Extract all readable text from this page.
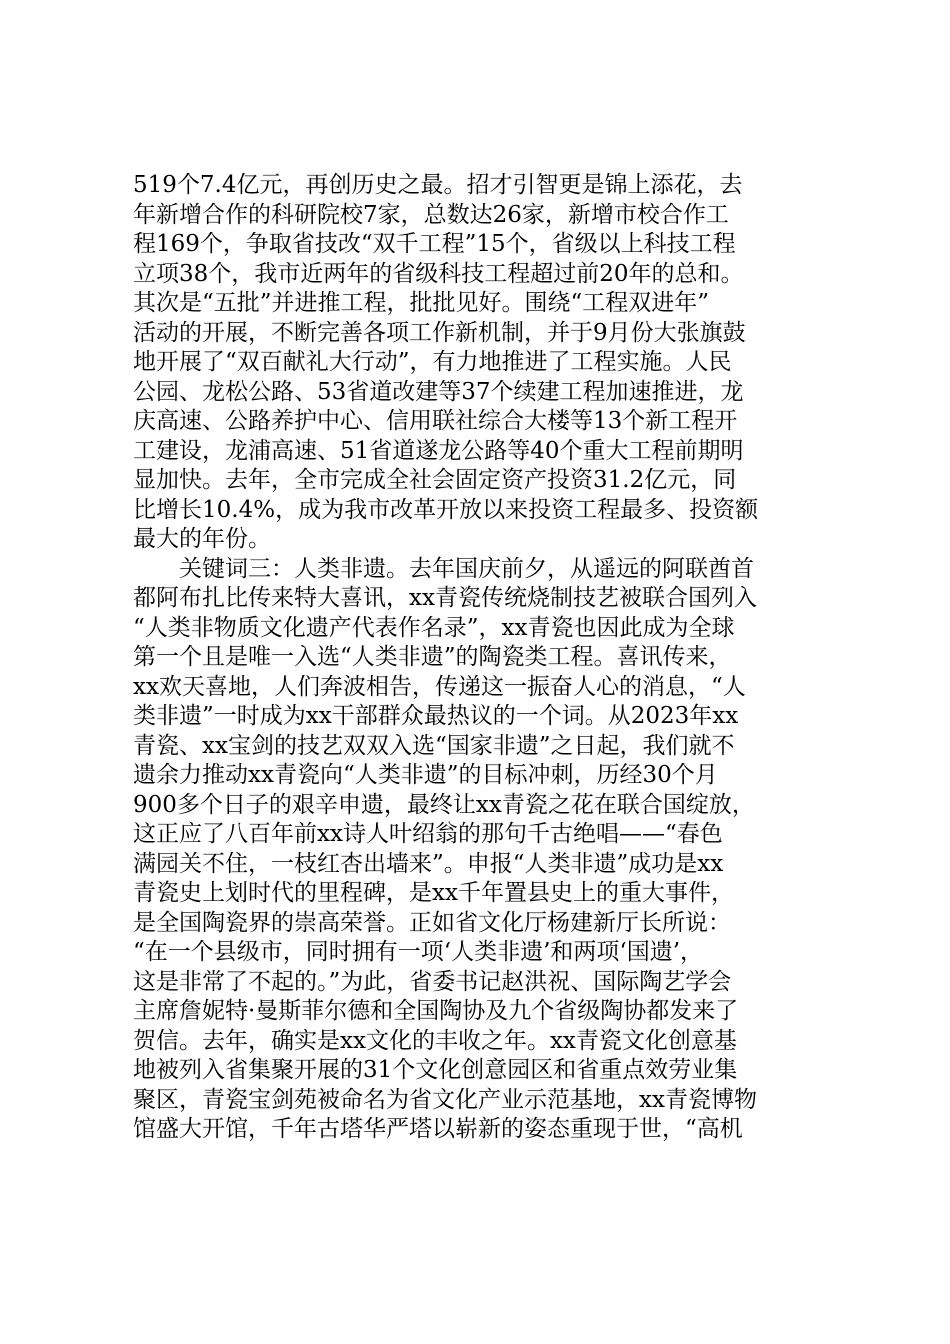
519个7.4亿元，再创历史之最。招才引智更是锦上添花，去
年新增合作的科研院校7家，总数达26家，新增市校合作工
程169个，争取省技改“双千工程”15个，省级以上科技工程
立项38个，我市近两年的省级科技工程超过前20年的总和。
其次是“五批”并进推工程，批批见好。围绕“工程双进年”
活动的开展，不断完善各项工作新机制，并于9月份大张旗鼓
地开展了“双百献礼大行动”，有力地推进了工程实施。人民
公园、龙松公路、53省道改建等37个续建工程加速推进，龙
庆高速、公路养护中心、信用联社综合大楼等13个新工程开
工建设，龙浦高速、51省道遂龙公路等40个重大工程前期明
显加快。去年，全市完成全社会固定资产投资31.2亿元，同
比增长10.4%，成为我市改革开放以来投资工程最多、投资额
最大的年份。
关键词三：人类非遗。去年国庆前夕，从遥远的阿联酋首
都阿布扎比传来特大喜讯，xx青瓷传统烧制技艺被联合国列入
“人类非物质文化遗产代表作名录”，xx青瓷也因此成为全球
第一个且是唯一入选“人类非遗”的陶瓷类工程。喜讯传来，
xx欢天喜地，人们奔波相告，传递这一振奋人心的消息，“人
类非遗”一时成为xx干部群众最热议的一个词。从2023年xx
青瓷、xx宝剑的技艺双双入选“国家非遗”之日起，我们就不
遗余力推动xx青瓷向“人类非遗”的目标冲刺，历经30个月
900多个日子的艰辛申遗，最终让xx青瓷之花在联合国绽放，
这正应了八百年前xx诗人叶绍翁的那句千古绝唱——“春色
满园关不住，一枝红杏出墙来”。申报“人类非遗”成功是xx
青瓷史上划时代的里程碑，是xx千年置县史上的重大事件，
是全国陶瓷界的崇高荣誉。正如省文化厅杨建新厅长所说：
“在一个县级市，同时拥有一项‘人类非遗’和两项‘国遗’，
这是非常了不起的。”为此，省委书记赵洪祝、国际陶艺学会
主席詹妮特·曼斯菲尔德和全国陶协及九个省级陶协都发来了
贺信。去年，确实是xx文化的丰收之年。xx青瓷文化创意基
地被列入省集聚开展的31个文化创意园区和省重点效劳业集
聚区，青瓷宝剑苑被命名为省文化产业示范基地，xx青瓷博物
馆盛大开馆，千年古塔华严塔以崭新的姿态重现于世，“高机
